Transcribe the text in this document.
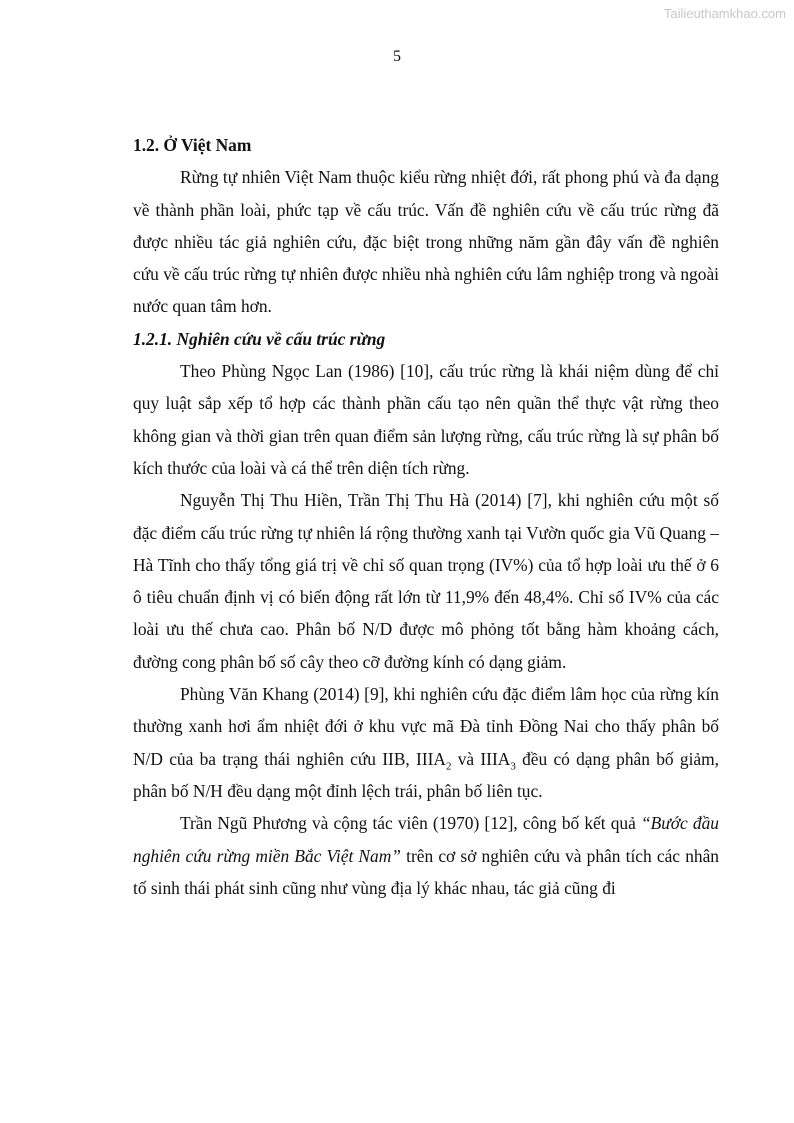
Tailieuthamkhao.com
5

1.2. Ở Việt Nam

Rừng tự nhiên Việt Nam thuộc kiểu rừng nhiệt đới, rất phong phú và đa dạng về thành phần loài, phức tạp về cấu trúc. Vấn đề nghiên cứu về cấu trúc rừng đã được nhiều tác giả nghiên cứu, đặc biệt trong những năm gần đây vấn đề nghiên cứu về cấu trúc rừng tự nhiên được nhiều nhà nghiên cứu lâm nghiệp trong và ngoài nước quan tâm hơn.

1.2.1. Nghiên cứu về cấu trúc rừng

Theo Phùng Ngọc Lan (1986) [10], cấu trúc rừng là khái niệm dùng để chỉ quy luật sắp xếp tổ hợp các thành phần cấu tạo nên quần thể thực vật rừng theo không gian và thời gian trên quan điểm sản lượng rừng, cấu trúc rừng là sự phân bố kích thước của loài và cá thể trên diện tích rừng.

Nguyễn Thị Thu Hiền, Trần Thị Thu Hà (2014) [7], khi nghiên cứu một số đặc điểm cấu trúc rừng tự nhiên lá rộng thường xanh tại Vườn quốc gia Vũ Quang – Hà Tĩnh cho thấy tổng giá trị về chỉ số quan trọng (IV%) của tổ hợp loài ưu thế ở 6 ô tiêu chuẩn định vị có biến động rất lớn từ 11,9% đến 48,4%. Chỉ số IV% của các loài ưu thế chưa cao. Phân bố N/D được mô phỏng tốt bằng hàm khoảng cách, đường cong phân bố số cây theo cỡ đường kính có dạng giảm.

Phùng Văn Khang (2014) [9], khi nghiên cứu đặc điểm lâm học của rừng kín thường xanh hơi ẩm nhiệt đới ở khu vực mã Đà tỉnh Đồng Nai cho thấy phân bố N/D của ba trạng thái nghiên cứu IIB, $IIIA_2$ và $IIIA_3$ đều có dạng phân bố giảm, phân bố N/H đều dạng một đỉnh lệch trái, phân bố liên tục.

Trần Ngũ Phương và cộng tác viên (1970) [12], công bố kết quả “Bước đầu nghiên cứu rừng miền Bắc Việt Nam” trên cơ sở nghiên cứu và phân tích các nhân tố sinh thái phát sinh cũng như vùng địa lý khác nhau, tác giả cũng đi
